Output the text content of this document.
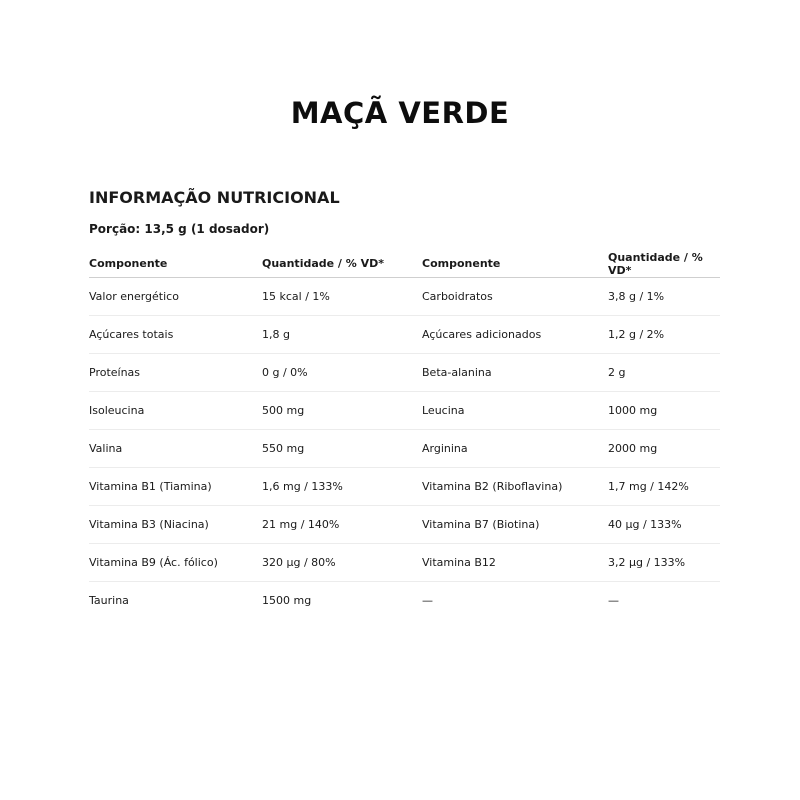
MAÇÃ VERDE
INFORMAÇÃO NUTRICIONAL

Porção: 13,5 g (1 dosador)

Componente	Quantidade / % VD*	Componente	Quantidade / % VD*
Valor energético	15 kcal / 1%	Carboidratos	3,8 g / 1%
Açúcares totais	1,8 g	Açúcares adicionados	1,2 g / 2%
Proteínas	0 g / 0%	Beta-alanina	2 g
Isoleucina	500 mg	Leucina	1000 mg
Valina	550 mg	Arginina	2000 mg
Vitamina B1 (Tiamina)	1,6 mg / 133%	Vitamina B2 (Riboflavina)	1,7 mg / 142%
Vitamina B3 (Niacina)	21 mg / 140%	Vitamina B7 (Biotina)	40 µg / 133%
Vitamina B9 (Ác. fólico)	320 µg / 80%	Vitamina B12	3,2 µg / 133%
Taurina	1500 mg	—	—
